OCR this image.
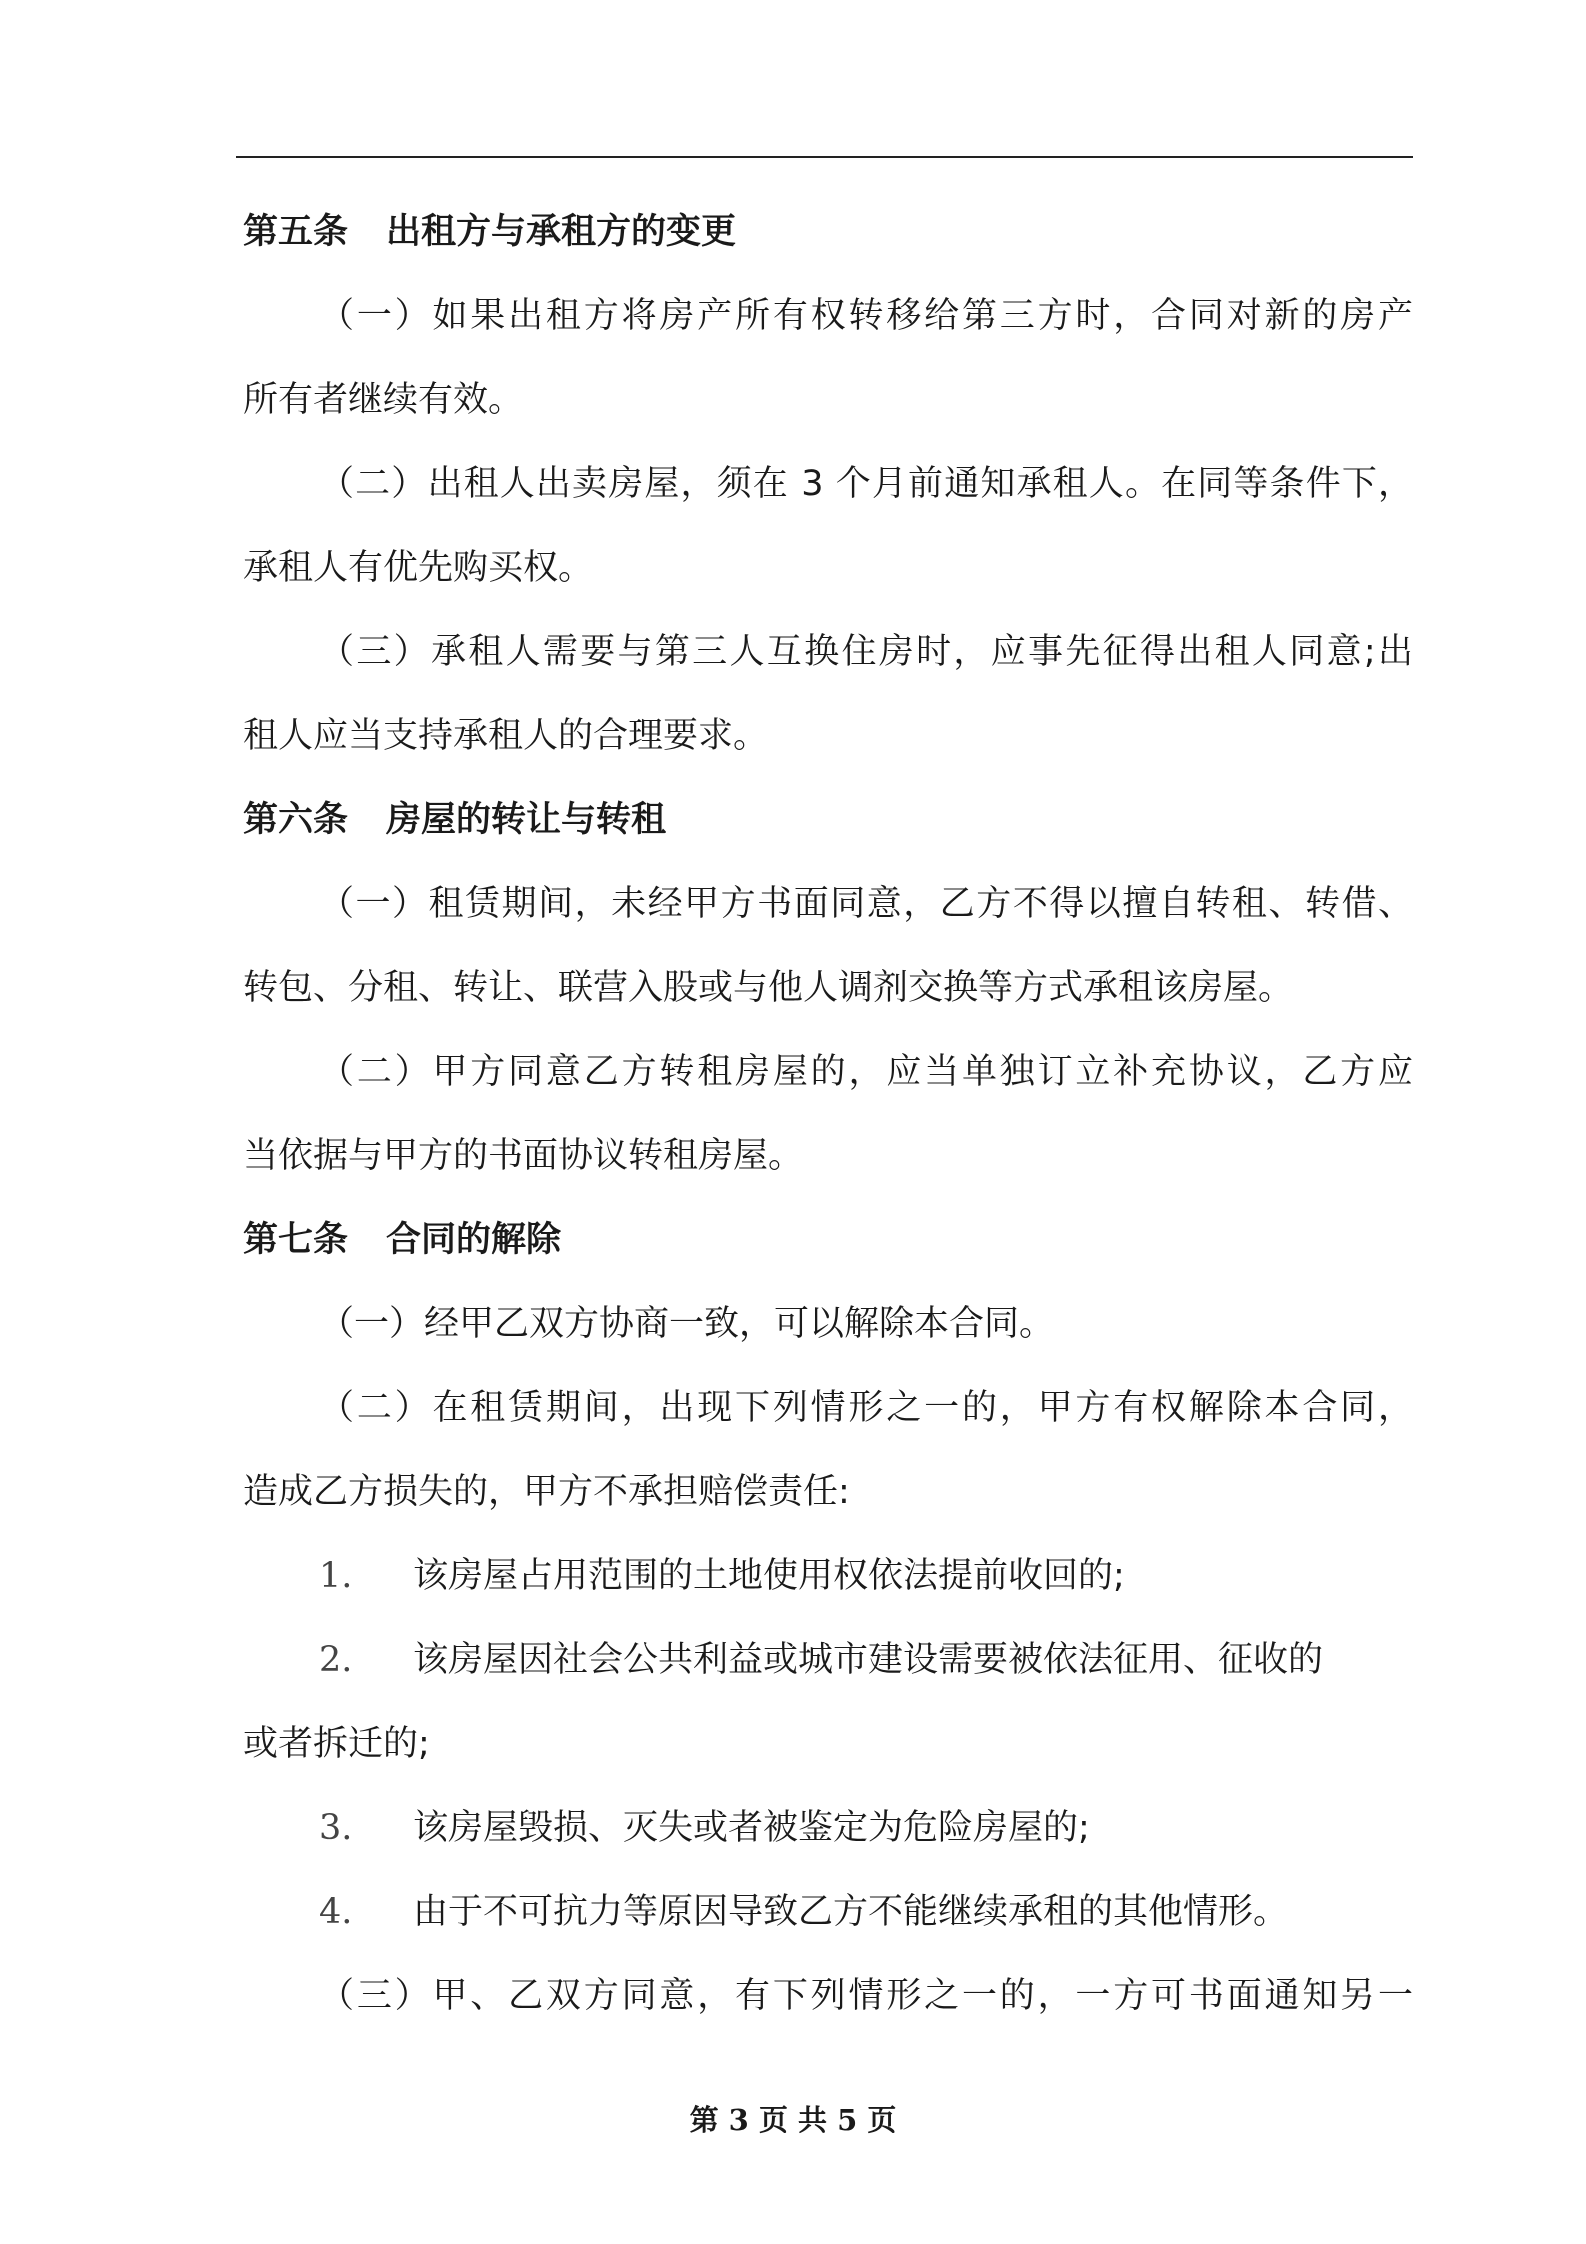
第五条 出租方与承租方的变更
（一）如果出租方将房产所有权转移给第三方时，合同对新的房产
所有者继续有效。
（二）出租人出卖房屋，须在 3 个月前通知承租人。在同等条件下，
承租人有优先购买权。
（三）承租人需要与第三人互换住房时，应事先征得出租人同意;出
租人应当支持承租人的合理要求。
第六条 房屋的转让与转租
（一）租赁期间，未经甲方书面同意，乙方不得以擅自转租、转借、
转包、分租、转让、联营入股或与他人调剂交换等方式承租该房屋。
（二）甲方同意乙方转租房屋的，应当单独订立补充协议，乙方应
当依据与甲方的书面协议转租房屋。
第七条 合同的解除
（一）经甲乙双方协商一致，可以解除本合同。
（二）在租赁期间，出现下列情形之一的，甲方有权解除本合同，
造成乙方损失的，甲方不承担赔偿责任:
1. 该房屋占用范围的土地使用权依法提前收回的;
2. 该房屋因社会公共利益或城市建设需要被依法征用、征收的
或者拆迁的;
3. 该房屋毁损、灭失或者被鉴定为危险房屋的;
4. 由于不可抗力等原因导致乙方不能继续承租的其他情形。
（三）甲、乙双方同意，有下列情形之一的，一方可书面通知另一
第 3 页 共 5 页
